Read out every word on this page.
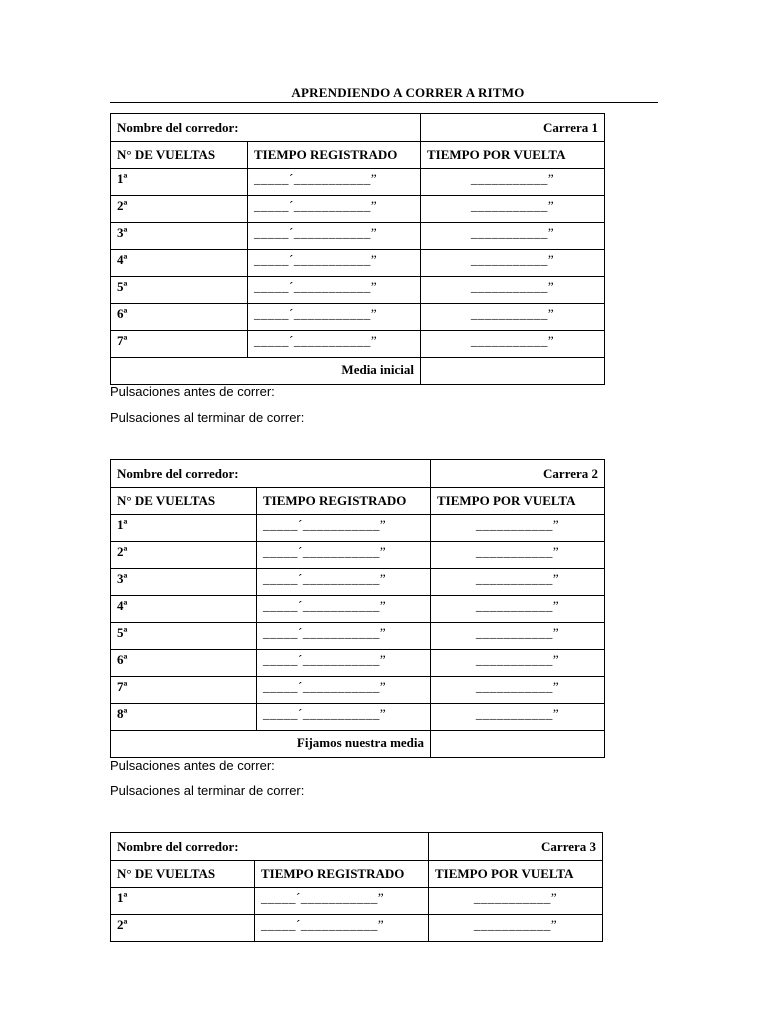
APRENDIENDO A CORRER A RITMO
Nombre del corredor:		Carrera 1
N° DE VUELTAS	TIEMPO REGISTRADO	TIEMPO POR VUELTA
1ª	_____´___________”	___________”
2ª	_____´___________”	___________”
3ª	_____´___________”	___________”
4ª	_____´___________”	___________”
5ª	_____´___________”	___________”
6ª	_____´___________”	___________”
7ª	_____´___________”	___________”
Media inicial		
Pulsaciones antes de correr:
Pulsaciones al terminar de correr:
Nombre del corredor:		Carrera 2
N° DE VUELTAS	TIEMPO REGISTRADO	TIEMPO POR VUELTA
1ª	_____´___________”	___________”
2ª	_____´___________”	___________”
3ª	_____´___________”	___________”
4ª	_____´___________”	___________”
5ª	_____´___________”	___________”
6ª	_____´___________”	___________”
7ª	_____´___________”	___________”
8ª	_____´___________”	___________”
Fijamos nuestra media		
Pulsaciones antes de correr:
Pulsaciones al terminar de correr:
Nombre del corredor:		Carrera 3
N° DE VUELTAS	TIEMPO REGISTRADO	TIEMPO POR VUELTA
1ª	_____´___________”	___________”
2ª	_____´___________”	___________”
